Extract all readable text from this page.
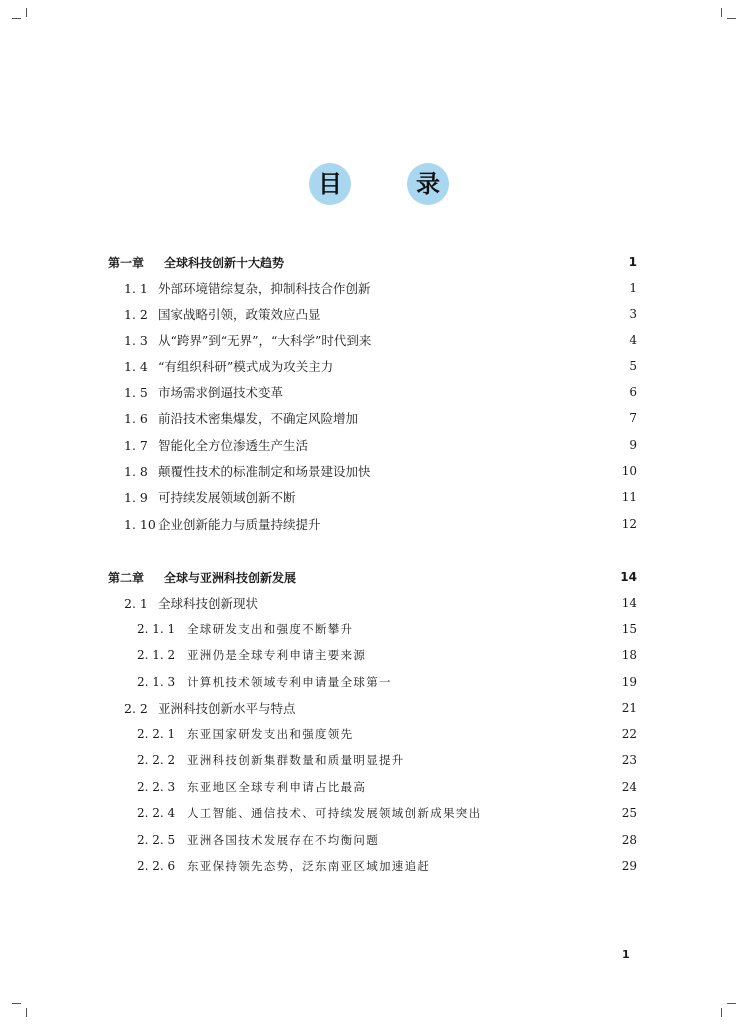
目	录
第一章	全球科技创新十大趋势	1
1. 1 外部环境错综复杂，抑制科技合作创新	1
1. 2 国家战略引领，政策效应凸显	3
1. 3 从“跨界”到“无界”，“大科学”时代到来	4
1. 4 “有组织科研”模式成为攻关主力	5
1. 5 市场需求倒逼技术变革	6
1. 6 前沿技术密集爆发，不确定风险增加	7
1. 7 智能化全方位渗透生产生活	9
1. 8 颠覆性技术的标准制定和场景建设加快	10
1. 9 可持续发展领域创新不断	11
1. 10 企业创新能力与质量持续提升	12
第二章	全球与亚洲科技创新发展	14
2. 1 全球科技创新现状	14
2. 1. 1	全球研发支出和强度不断攀升	15
2. 1. 2	亚洲仍是全球专利申请主要来源	18
2. 1. 3	计算机技术领域专利申请量全球第一	19
2. 2 亚洲科技创新水平与特点	21
2. 2. 1	东亚国家研发支出和强度领先	22
2. 2. 2	亚洲科技创新集群数量和质量明显提升	23
2. 2. 3	东亚地区全球专利申请占比最高	24
2. 2. 4	人工智能、通信技术、可持续发展领域创新成果突出	25
2. 2. 5	亚洲各国技术发展存在不均衡问题	28
2. 2. 6	东亚保持领先态势，泛东南亚区域加速追赶	29
1
